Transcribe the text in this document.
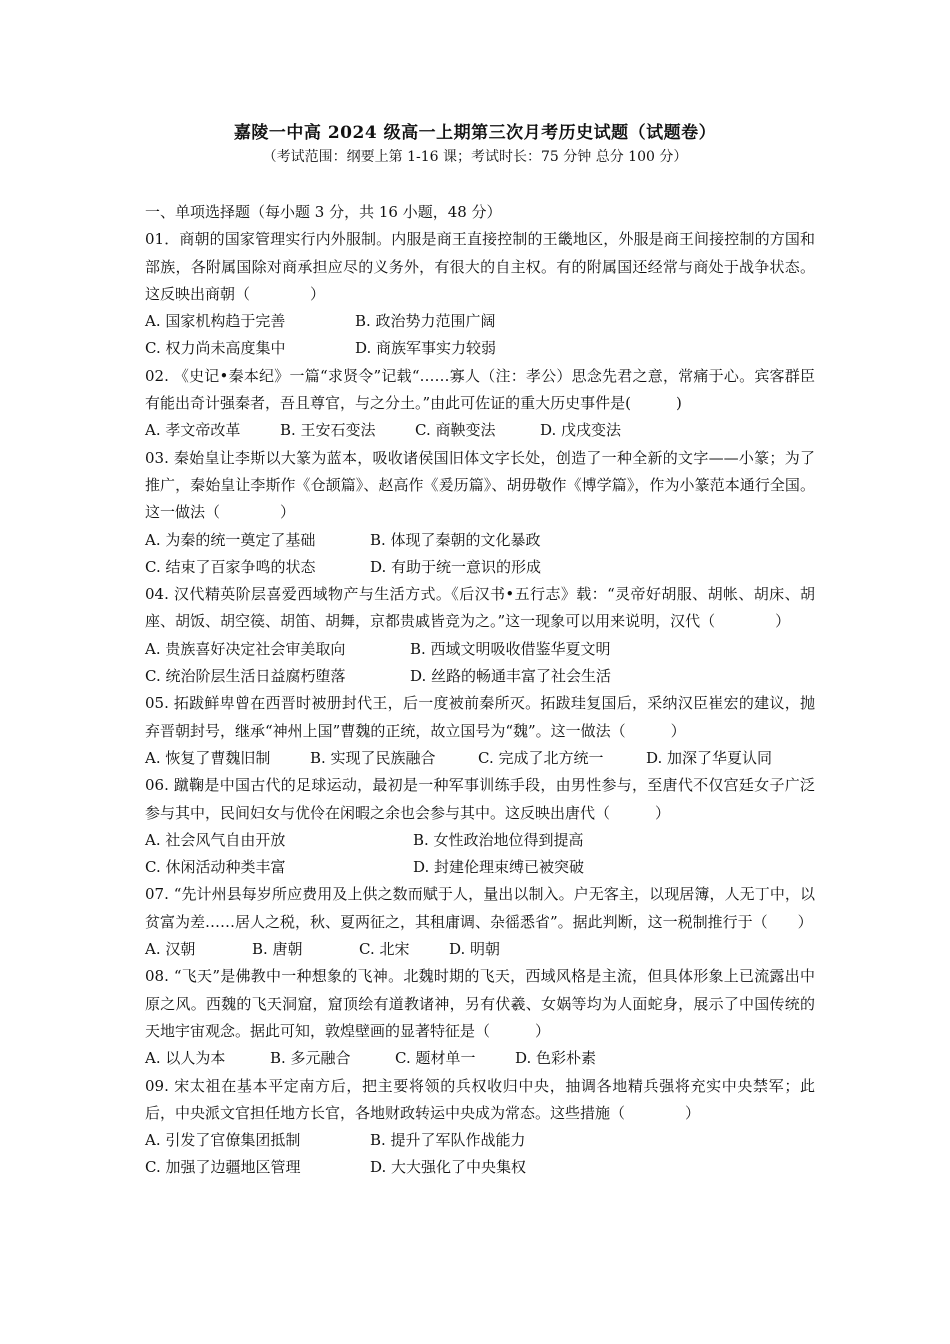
嘉陵一中高 2024 级高一上期第三次月考历史试题（试题卷）
（考试范围：纲要上第 1-16 课；考试时长：75 分钟 总分 100 分）

一、单项选择题（每小题 3 分，共 16 小题，48 分）

01．商朝的国家管理实行内外服制。内服是商王直接控制的王畿地区，外服是商王间接控制的方国和部族，各附属国除对商承担应尽的义务外，有很大的自主权。有的附属国还经常与商处于战争状态。这反映出商朝（　　　　）

A. 国家机构趋于完善	B. 政治势力范围广阔

C. 权力尚未高度集中	D. 商族军事实力较弱

02. 《史记•秦本纪》一篇“求贤令”记载“……寡人（注：孝公）思念先君之意，常痛于心。宾客群臣有能出奇计强秦者，吾且尊官，与之分土。”由此可佐证的重大历史事件是(　　　)

A. 孝文帝改革	B. 王安石变法	C. 商鞅变法	D. 戊戌变法

03. 秦始皇让李斯以大篆为蓝本，吸收诸侯国旧体文字长处，创造了一种全新的文字——小篆；为了推广，秦始皇让李斯作《仓颉篇》、赵高作《爰历篇》、胡毋敬作《博学篇》，作为小篆范本通行全国。这一做法（　　　　）

A. 为秦的统一奠定了基础	B. 体现了秦朝的文化暴政

C. 结束了百家争鸣的状态	D. 有助于统一意识的形成

04. 汉代精英阶层喜爱西域物产与生活方式。《后汉书•五行志》载：“灵帝好胡服、胡帐、胡床、胡座、胡饭、胡空篌、胡笛、胡舞，京都贵戚皆竞为之。”这一现象可以用来说明，汉代（　　　　）

A. 贵族喜好决定社会审美取向	B. 西域文明吸收借鉴华夏文明

C. 统治阶层生活日益腐朽堕落	D. 丝路的畅通丰富了社会生活

05. 拓跋鲜卑曾在西晋时被册封代王，后一度被前秦所灭。拓跋珪复国后，采纳汉臣崔宏的建议，抛弃晋朝封号，继承“神州上国”曹魏的正统，故立国号为“魏”。这一做法（　　　）

A. 恢复了曹魏旧制	B. 实现了民族融合	C. 完成了北方统一	D. 加深了华夏认同

06. 蹴鞠是中国古代的足球运动，最初是一种军事训练手段，由男性参与，至唐代不仅宫廷女子广泛参与其中，民间妇女与优伶在闲暇之余也会参与其中。这反映出唐代（　　　）

A. 社会风气自由开放	B. 女性政治地位得到提高

C. 休闲活动种类丰富	D. 封建伦理束缚已被突破

07. “先计州县每岁所应费用及上供之数而赋于人，量出以制入。户无客主，以现居簿，人无丁中，以贫富为差……居人之税，秋、夏两征之，其租庸调、杂徭悉省”。据此判断，这一税制推行于（　　）

A. 汉朝	B. 唐朝	C. 北宋	D. 明朝

08. “飞天”是佛教中一种想象的飞神。北魏时期的飞天，西域风格是主流，但具体形象上已流露出中原之风。西魏的飞天洞窟，窟顶绘有道教诸神，另有伏羲、女娲等均为人面蛇身，展示了中国传统的天地宇宙观念。据此可知，敦煌壁画的显著特征是（　　　）

A. 以人为本	B. 多元融合	C. 题材单一	D. 色彩朴素

09. 宋太祖在基本平定南方后，把主要将领的兵权收归中央，抽调各地精兵强将充实中央禁军；此后，中央派文官担任地方长官，各地财政转运中央成为常态。这些措施（　　　　）

A. 引发了官僚集团抵制	B. 提升了军队作战能力

C. 加强了边疆地区管理	D. 大大强化了中央集权
